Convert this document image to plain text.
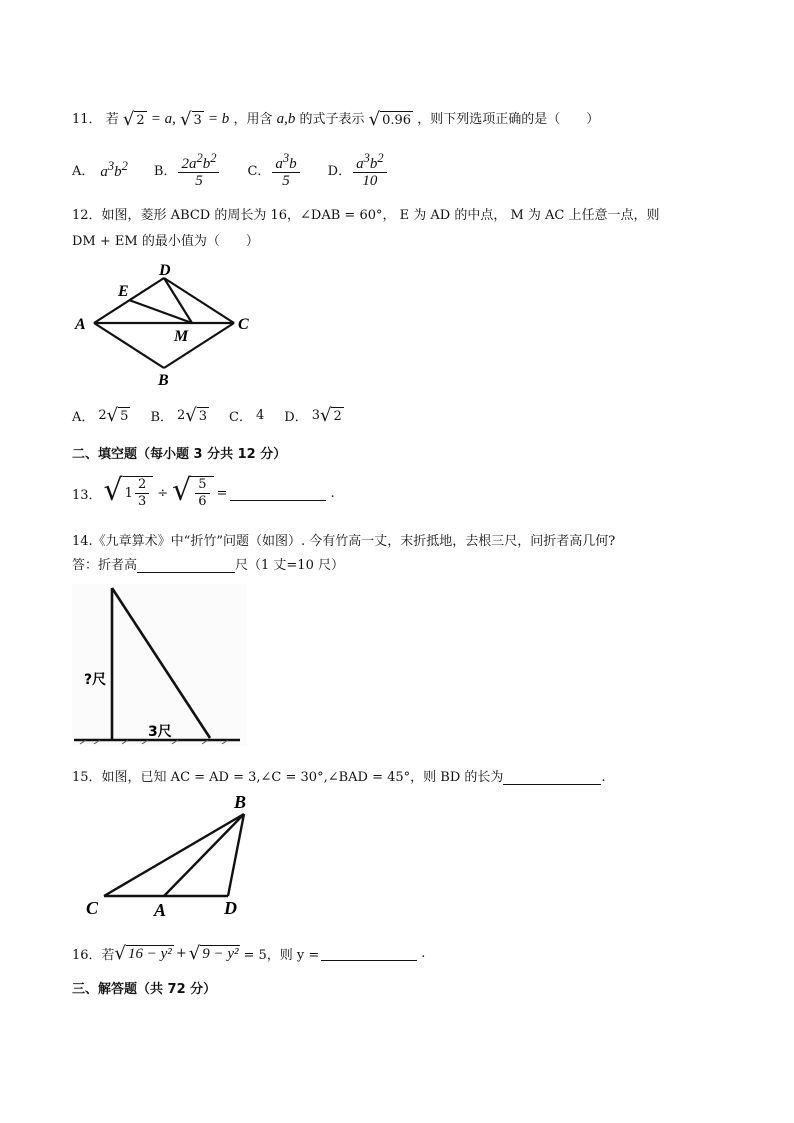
11． 若 √ 2 = a, √ 3 = b ，用含 a,b 的式子表示 √ 0.96 ，则下列选项正确的是（　　）
A． $a^3b^2$ B． $\frac{2a^2b^2}{5}$ C． $\frac{a^3b}{5}$ D． $\frac{a^3b^2}{10}$
12．如图，菱形 ABCD 的周长为 16，∠DAB = 60°， E 为 AD 的中点， M 为 AC 上任意一点，则
DM + EM 的最小值为（　　）
D
E
A
M
C
B
A． 2 √ 5 B． 2 √ 3 C． 4 D． 3 √ 2
二、填空题（每小题 3 分共 12 分）
13． √ $1 \frac{2}{3}$ ÷ √ $\frac{5}{6}$ =	.
14.《九章算术》中“折竹”问题（如图）. 今有竹高一丈，末折抵地，去根三尺，问折者高几何?
答：折者高	尺（1 丈=10 尺）
?尺
3尺
15．如图，已知 AC = AD = 3,∠C = 30°,∠BAD = 45°，则 BD 的长为	.
B
C	A	D
16．若 √ 16 − y² + √ 9 − y² = 5，则 y =	.
三、解答题（共 72 分）
